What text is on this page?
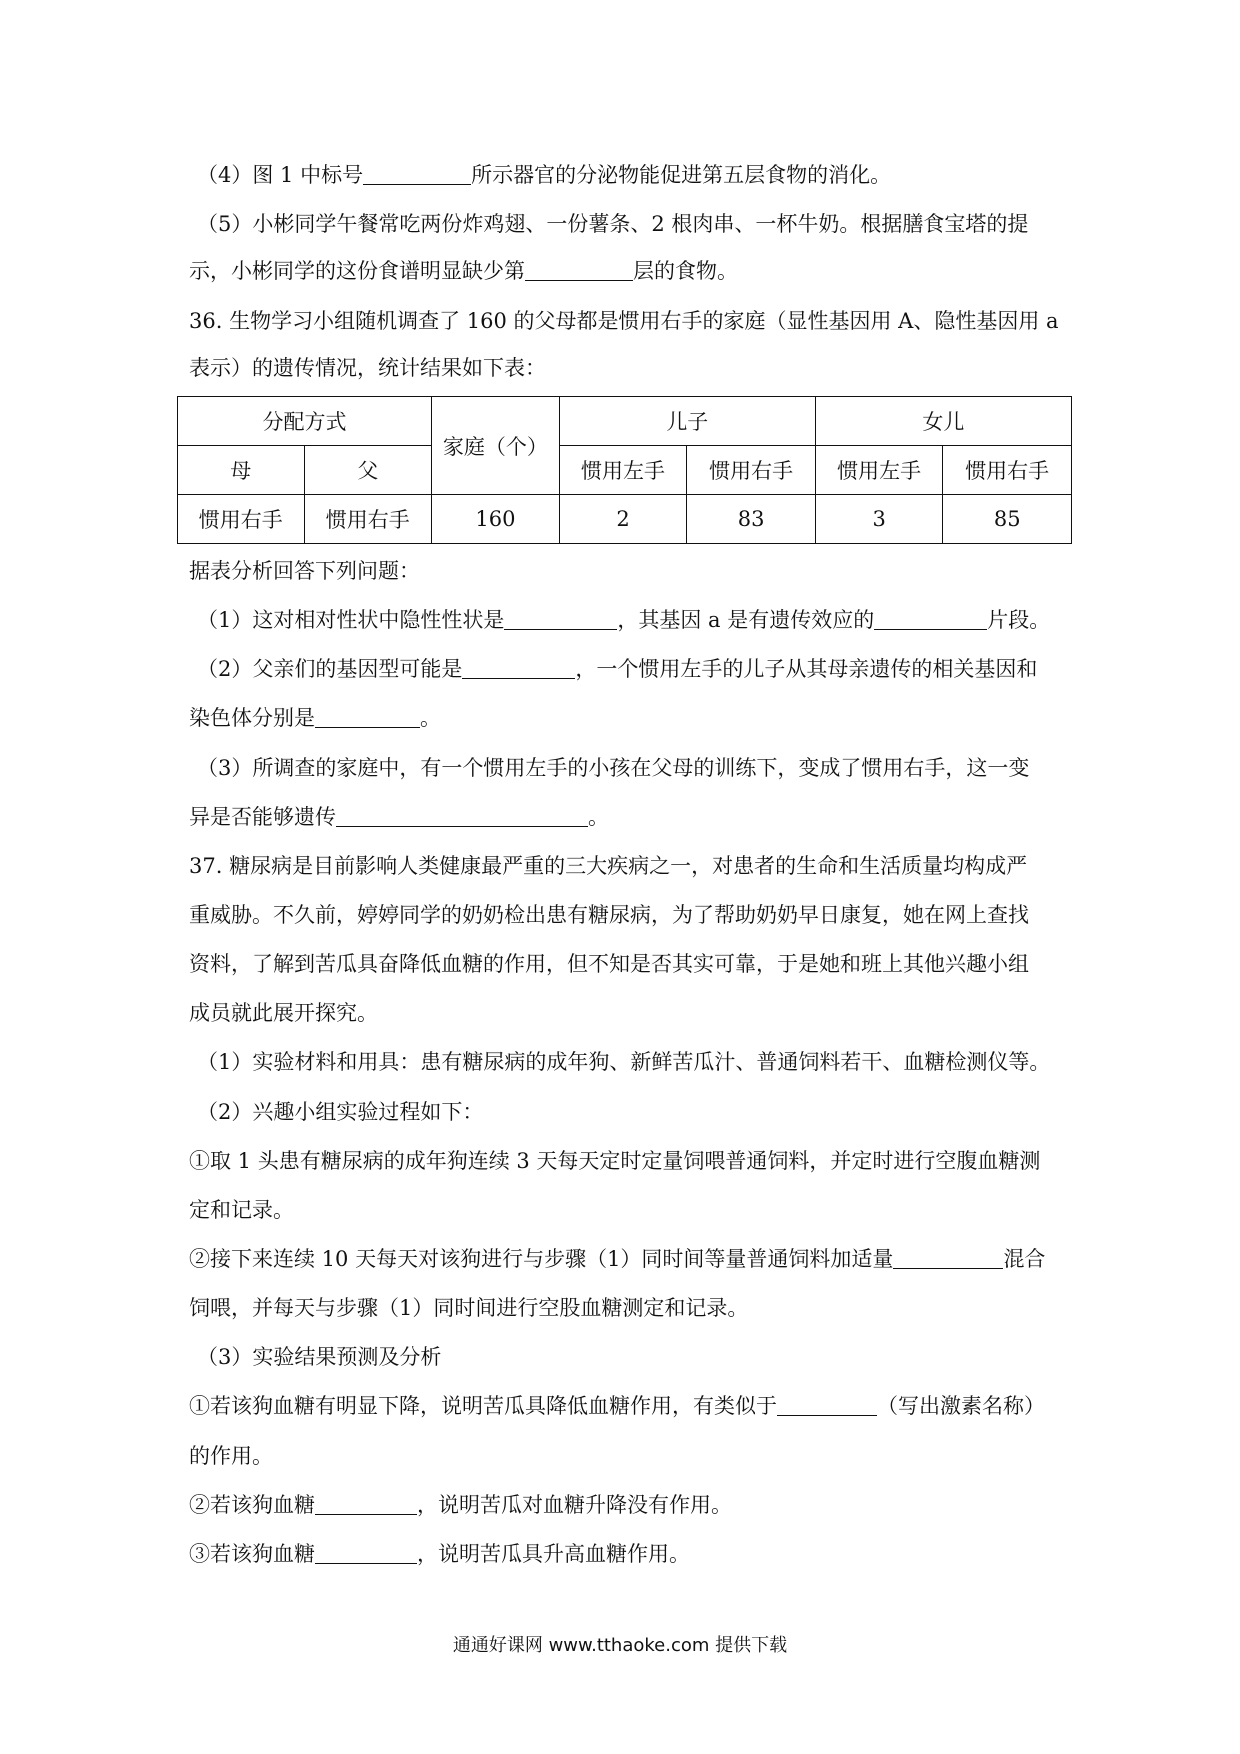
（4）图 1 中标号	所示器官的分泌物能促进第五层食物的消化。
（5）小彬同学午餐常吃两份炸鸡翅、一份薯条、2 根肉串、一杯牛奶。根据膳食宝塔的提
示，小彬同学的这份食谱明显缺少第	层的食物。
36. 生物学习小组随机调查了 160 的父母都是惯用右手的家庭（显性基因用 A、隐性基因用 a
表示）的遗传情况，统计结果如下表：
分配方式		家庭（个）	儿子		女儿	
母	父		惯用左手	惯用右手	惯用左手	惯用右手
惯用右手	惯用右手	160	2	83	3	85
据表分析回答下列问题：
（1）这对相对性状中隐性性状是	，其基因 a 是有遗传效应的	片段。
（2）父亲们的基因型可能是	，一个惯用左手的儿子从其母亲遗传的相关基因和
染色体分别是	。
（3）所调查的家庭中，有一个惯用左手的小孩在父母的训练下，变成了惯用右手，这一变
异是否能够遗传	。
37. 糖尿病是目前影响人类健康最严重的三大疾病之一，对患者的生命和生活质量均构成严
重威胁。不久前，婷婷同学的奶奶检出患有糖尿病，为了帮助奶奶早日康复，她在网上查找
资料，了解到苦瓜具奋降低血糖的作用，但不知是否其实可靠，于是她和班上其他兴趣小组
成员就此展开探究。
（1）实验材料和用具：患有糖尿病的成年狗、新鲜苦瓜汁、普通饲料若干、血糖检测仪等。
（2）兴趣小组实验过程如下：
①取 1 头患有糖尿病的成年狗连续 3 天每天定时定量饲喂普通饲料，并定时进行空腹血糖测
定和记录。
②接下来连续 10 天每天对该狗进行与步骤（1）同时间等量普通饲料加适量	混合
饲喂，并每天与步骤（1）同时间进行空股血糖测定和记录。
（3）实验结果预测及分析
①若该狗血糖有明显下降，说明苦瓜具降低血糖作用，有类似于	（写出激素名称）
的作用。
②若该狗血糖	，说明苦瓜对血糖升降没有作用。
③若该狗血糖	，说明苦瓜具升高血糖作用。
通通好课网 www.tthaoke.com 提供下载
